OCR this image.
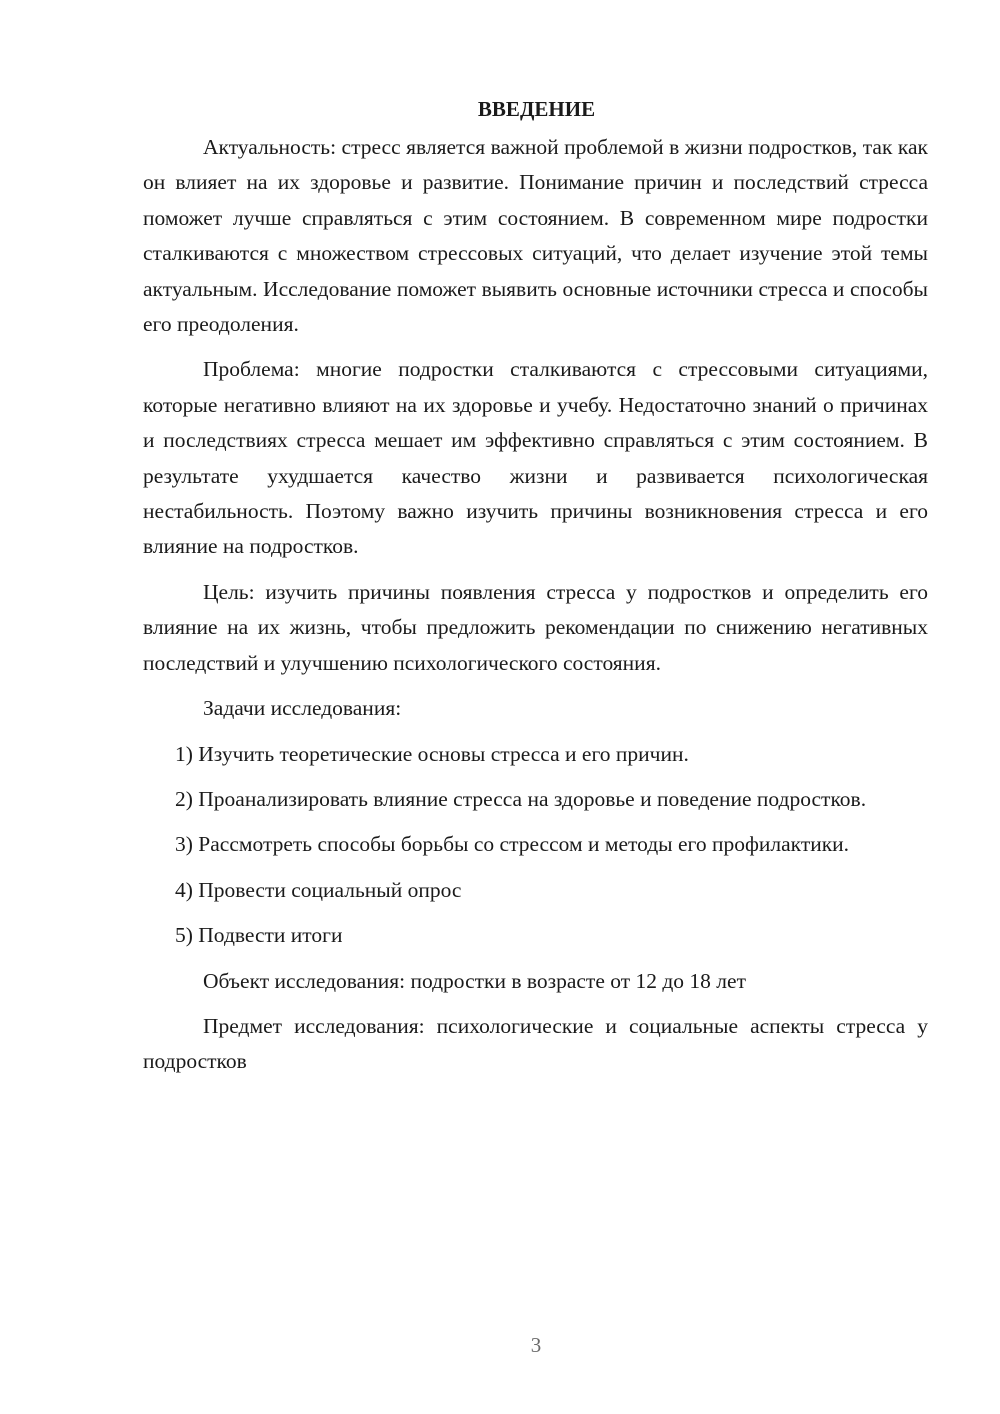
ВВЕДЕНИЕ

Актуальность: стресс является важной проблемой в жизни подростков, так как он влияет на их здоровье и развитие. Понимание причин и последствий стресса поможет лучше справляться с этим состоянием. В современном мире подростки сталкиваются с множеством стрессовых ситуаций, что делает изучение этой темы актуальным. Исследование поможет выявить основные источники стресса и способы его преодоления.

Проблема: многие подростки сталкиваются с стрессовыми ситуациями, которые негативно влияют на их здоровье и учебу. Недостаточно знаний о причинах и последствиях стресса мешает им эффективно справляться с этим состоянием. В результате ухудшается качество жизни и развивается психологическая нестабильность. Поэтому важно изучить причины возникновения стресса и его влияние на подростков.

Цель: изучить причины появления стресса у подростков и определить его влияние на их жизнь, чтобы предложить рекомендации по снижению негативных последствий и улучшению психологического состояния.

Задачи исследования:

1) Изучить теоретические основы стресса и его причин.

2) Проанализировать влияние стресса на здоровье и поведение подростков.

3) Рассмотреть способы борьбы со стрессом и методы его профилактики.

4) Провести социальный опрос

5) Подвести итоги

Объект исследования: подростки в возрасте от 12 до 18 лет

Предмет исследования: психологические и социальные аспекты стресса у подростков

3
